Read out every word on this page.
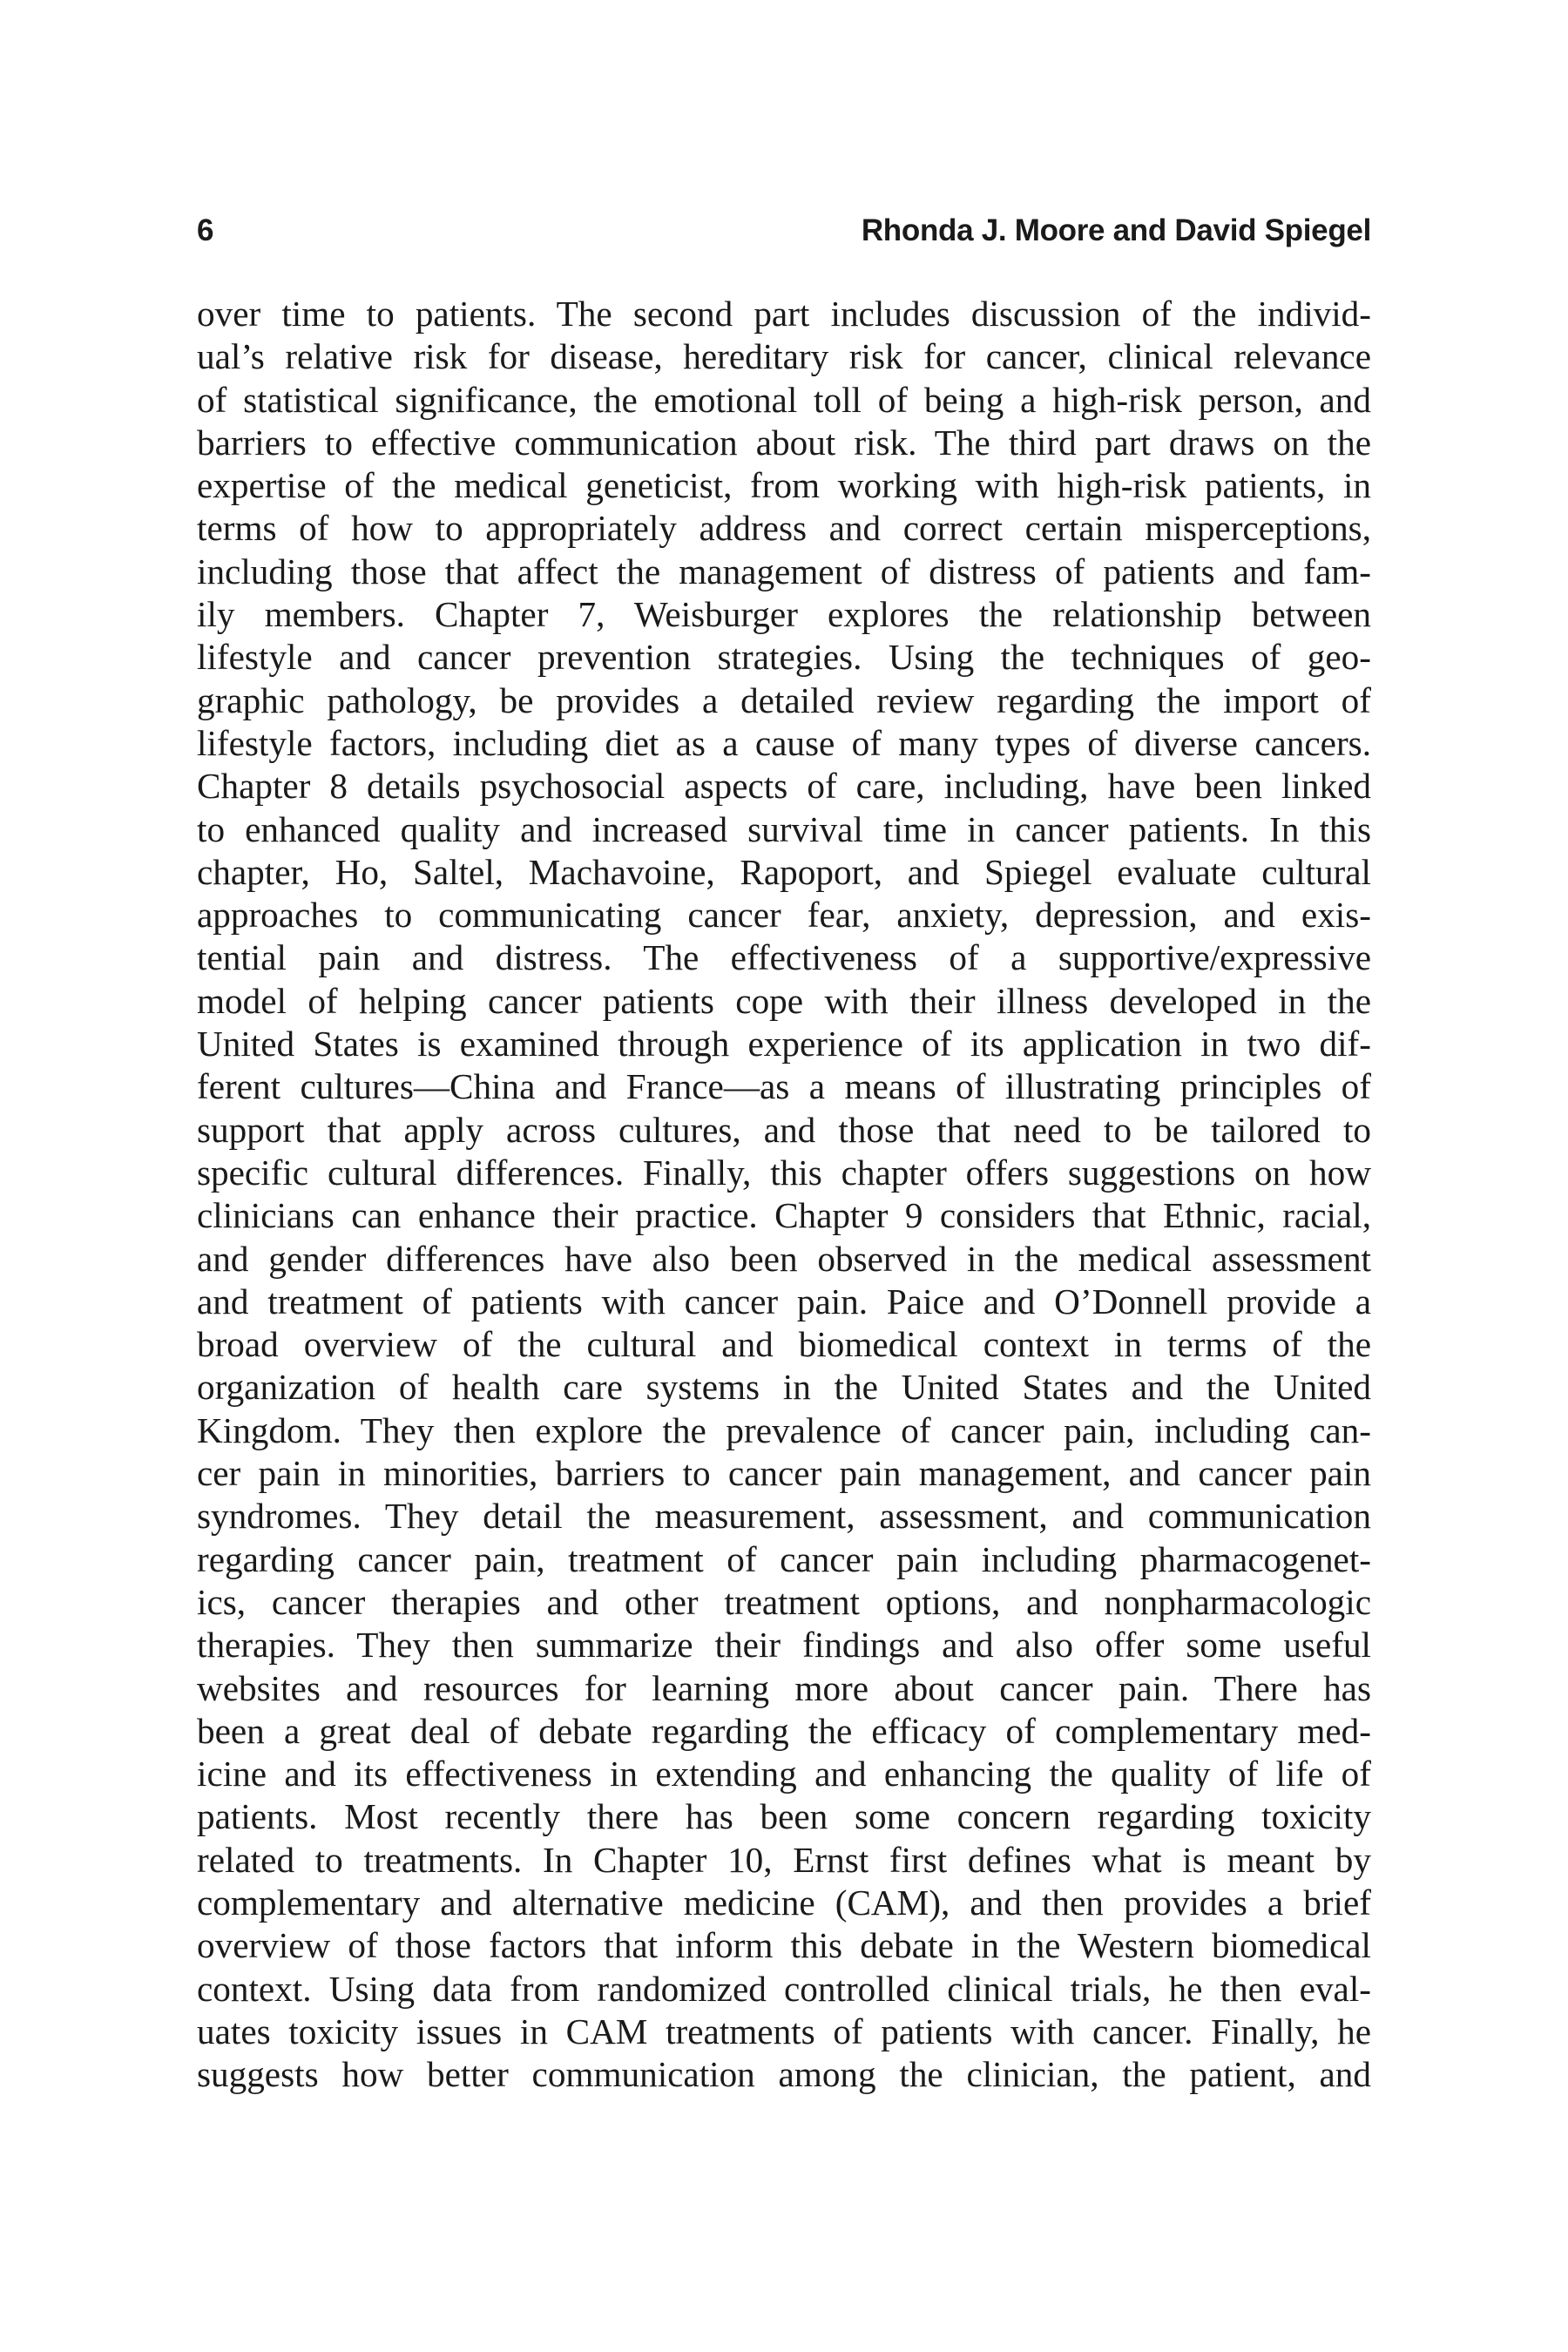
6	Rhonda J. Moore and David Spiegel
over time to patients. The second part includes discussion of the individ-
ual’s relative risk for disease, hereditary risk for cancer, clinical relevance
of statistical significance, the emotional toll of being a high-risk person, and
barriers to effective communication about risk. The third part draws on the
expertise of the medical geneticist, from working with high-risk patients, in
terms of how to appropriately address and correct certain misperceptions,
including those that affect the management of distress of patients and fam-
ily members. Chapter 7, Weisburger explores the relationship between
lifestyle and cancer prevention strategies. Using the techniques of geo-
graphic pathology, be provides a detailed review regarding the import of
lifestyle factors, including diet as a cause of many types of diverse cancers.
Chapter 8 details psychosocial aspects of care, including, have been linked
to enhanced quality and increased survival time in cancer patients. In this
chapter, Ho, Saltel, Machavoine, Rapoport, and Spiegel evaluate cultural
approaches to communicating cancer fear, anxiety, depression, and exis-
tential pain and distress. The effectiveness of a supportive/expressive
model of helping cancer patients cope with their illness developed in the
United States is examined through experience of its application in two dif-
ferent cultures—China and France—as a means of illustrating principles of
support that apply across cultures, and those that need to be tailored to
specific cultural differences. Finally, this chapter offers suggestions on how
clinicians can enhance their practice. Chapter 9 considers that Ethnic, racial,
and gender differences have also been observed in the medical assessment
and treatment of patients with cancer pain. Paice and O’Donnell provide a
broad overview of the cultural and biomedical context in terms of the
organization of health care systems in the United States and the United
Kingdom. They then explore the prevalence of cancer pain, including can-
cer pain in minorities, barriers to cancer pain management, and cancer pain
syndromes. They detail the measurement, assessment, and communication
regarding cancer pain, treatment of cancer pain including pharmacogenet-
ics, cancer therapies and other treatment options, and nonpharmacologic
therapies. They then summarize their findings and also offer some useful
websites and resources for learning more about cancer pain. There has
been a great deal of debate regarding the efficacy of complementary med-
icine and its effectiveness in extending and enhancing the quality of life of
patients. Most recently there has been some concern regarding toxicity
related to treatments. In Chapter 10, Ernst first defines what is meant by
complementary and alternative medicine (CAM), and then provides a brief
overview of those factors that inform this debate in the Western biomedical
context. Using data from randomized controlled clinical trials, he then eval-
uates toxicity issues in CAM treatments of patients with cancer. Finally, he
suggests how better communication among the clinician, the patient, and
